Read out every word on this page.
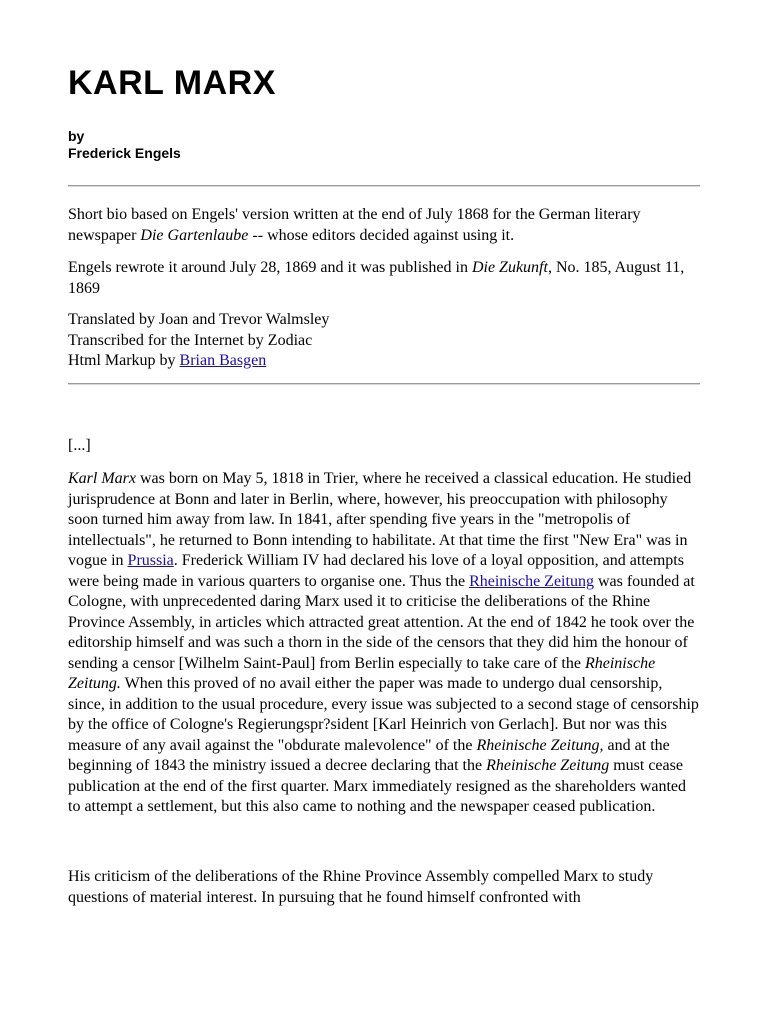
KARL MARX
by
Frederick Engels

Short bio based on Engels' version written at the end of July 1868 for the German literary newspaper Die Gartenlaube -- whose editors decided against using it.

Engels rewrote it around July 28, 1869 and it was published in Die Zukunft, No. 185, August 11, 1869

Translated by Joan and Trevor Walmsley
Transcribed for the Internet by Zodiac
Html Markup by Brian Basgen

[...]

Karl Marx was born on May 5, 1818 in Trier, where he received a classical education. He studied jurisprudence at Bonn and later in Berlin, where, however, his preoccupation with philosophy soon turned him away from law. In 1841, after spending five years in the "metropolis of intellectuals", he returned to Bonn intending to habilitate. At that time the first "New Era" was in vogue in Prussia. Frederick William IV had declared his love of a loyal opposition, and attempts were being made in various quarters to organise one. Thus the Rheinische Zeitung was founded at Cologne, with unprecedented daring Marx used it to criticise the deliberations of the Rhine Province Assembly, in articles which attracted great attention. At the end of 1842 he took over the editorship himself and was such a thorn in the side of the censors that they did him the honour of sending a censor [Wilhelm Saint-Paul] from Berlin especially to take care of the Rheinische Zeitung. When this proved of no avail either the paper was made to undergo dual censorship, since, in addition to the usual procedure, every issue was subjected to a second stage of censorship by the office of Cologne's Regierungspr?sident [Karl Heinrich von Gerlach]. But nor was this measure of any avail against the "obdurate malevolence" of the Rheinische Zeitung, and at the beginning of 1843 the ministry issued a decree declaring that the Rheinische Zeitung must cease publication at the end of the first quarter. Marx immediately resigned as the shareholders wanted to attempt a settlement, but this also came to nothing and the newspaper ceased publication.

His criticism of the deliberations of the Rhine Province Assembly compelled Marx to study questions of material interest. In pursuing that he found himself confronted with
